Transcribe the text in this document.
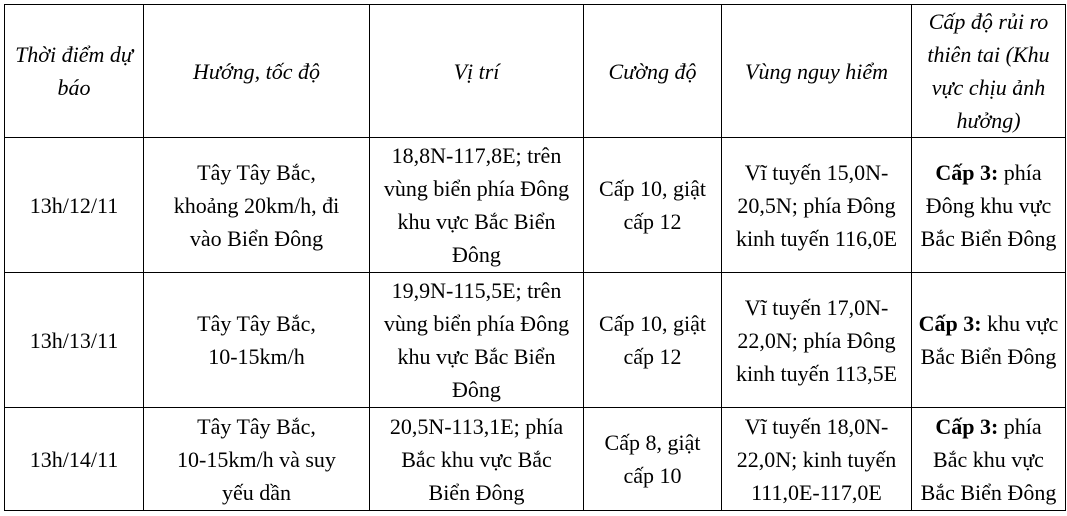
Thời điểm dự
báo	Hướng, tốc độ	Vị trí	Cường độ	Vùng nguy hiểm	Cấp độ rủi ro
thiên tai (Khu
vực chịu ảnh
hưởng)

13h/12/11	Tây Tây Bắc,
khoảng 20km/h, đi
vào Biển Đông	18,8N-117,8E; trên
vùng biển phía Đông
khu vực Bắc Biển
Đông	Cấp 10, giật
cấp 12	Vĩ tuyến 15,0N-
20,5N; phía Đông
kinh tuyến 116,0E	Cấp 3: phía
Đông khu vực
Bắc Biển Đông

13h/13/11	Tây Tây Bắc,
10-15km/h	19,9N-115,5E; trên
vùng biển phía Đông
khu vực Bắc Biển
Đông	Cấp 10, giật
cấp 12	Vĩ tuyến 17,0N-
22,0N; phía Đông
kinh tuyến 113,5E	Cấp 3: khu vực
Bắc Biển Đông

13h/14/11	Tây Tây Bắc,
10-15km/h và suy
yếu dần	20,5N-113,1E; phía
Bắc khu vực Bắc
Biển Đông	Cấp 8, giật
cấp 10	Vĩ tuyến 18,0N-
22,0N; kinh tuyến
111,0E-117,0E	Cấp 3: phía
Bắc khu vực
Bắc Biển Đông
